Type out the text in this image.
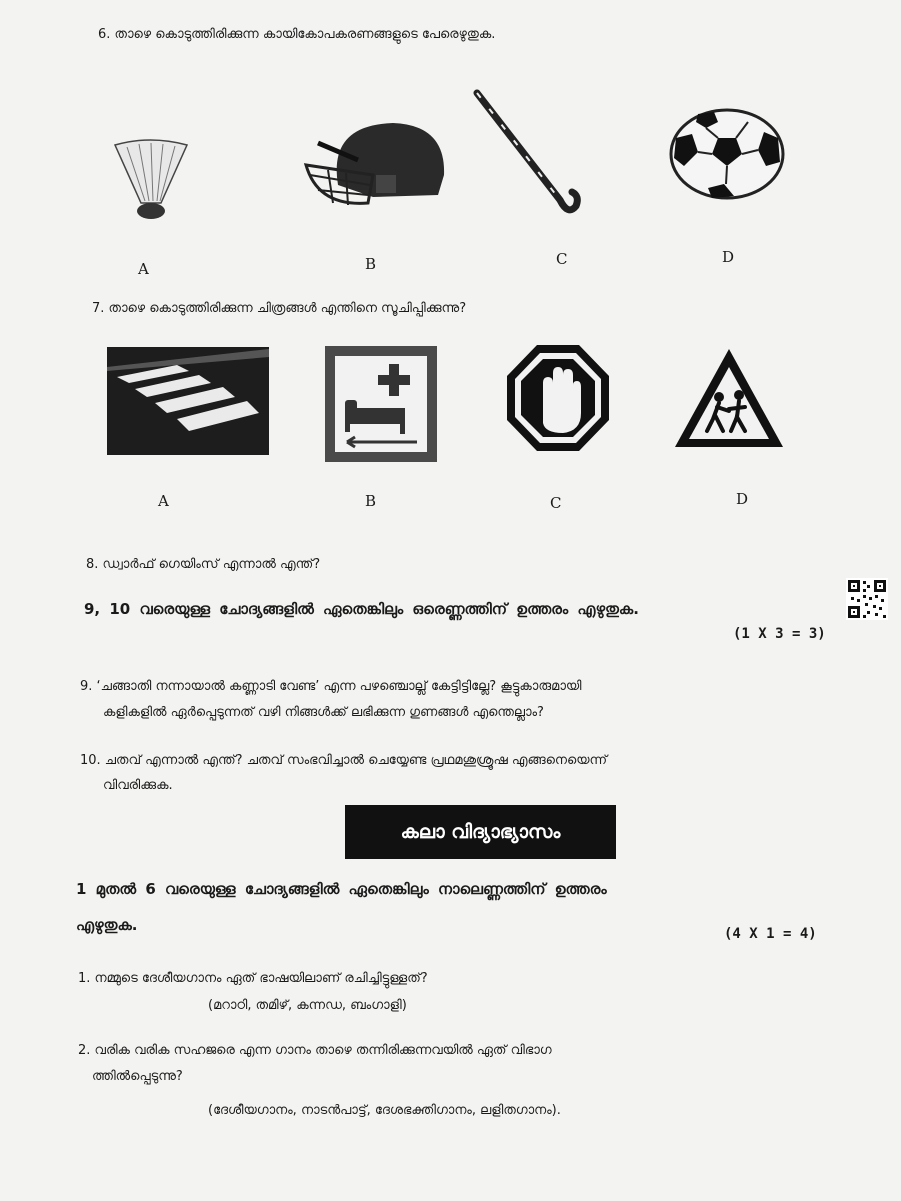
6. താഴെ കൊടുത്തിരിക്കുന്ന കായികോപകരണങ്ങളുടെ പേരെഴുതുക.
A	B	C	D
7. താഴെ കൊടുത്തിരിക്കുന്ന ചിത്രങ്ങൾ എന്തിനെ സൂചിപ്പിക്കുന്നു?
A	B	C	D
8. ഡ്വാർഫ് ഗെയിംസ് എന്നാൽ എന്ത്?
9, 10 വരെയുള്ള ചോദ്യങ്ങളിൽ ഏതെങ്കിലും ഒരെണ്ണത്തിന് ഉത്തരം എഴുതുക.
(1 X 3 = 3)
9. ‘ചങ്ങാതി നന്നായാൽ കണ്ണാടി വേണ്ട’ എന്ന പഴഞ്ചൊല്ല് കേട്ടിട്ടില്ലേ? കൂട്ടുകാരുമായി
കളികളിൽ ഏർപ്പെടുന്നത് വഴി നിങ്ങൾക്ക് ലഭിക്കുന്ന ഗുണങ്ങൾ എന്തെല്ലാം?
10. ചതവ് എന്നാൽ എന്ത്? ചതവ് സംഭവിച്ചാൽ ചെയ്യേണ്ട പ്രഥമശുശ്രൂഷ എങ്ങനെയെന്ന്
വിവരിക്കുക.
കലാ വിദ്യാഭ്യാസം
1 മുതൽ 6 വരെയുള്ള ചോദ്യങ്ങളിൽ ഏതെങ്കിലും നാലെണ്ണത്തിന് ഉത്തരം
എഴുതുക.	(4 X 1 = 4)
1. നമ്മുടെ ദേശീയഗാനം ഏത് ഭാഷയിലാണ് രചിച്ചിട്ടുള്ളത്?
(മറാഠി, തമിഴ്, കന്നഡ, ബംഗാളി)
2. വരിക വരിക സഹജരെ എന്ന ഗാനം താഴെ തന്നിരിക്കുന്നവയിൽ ഏത് വിഭാഗ
ത്തിൽപ്പെടുന്നു?
(ദേശീയഗാനം, നാടൻപാട്ട്, ദേശഭക്തിഗാനം, ലളിതഗാനം).
